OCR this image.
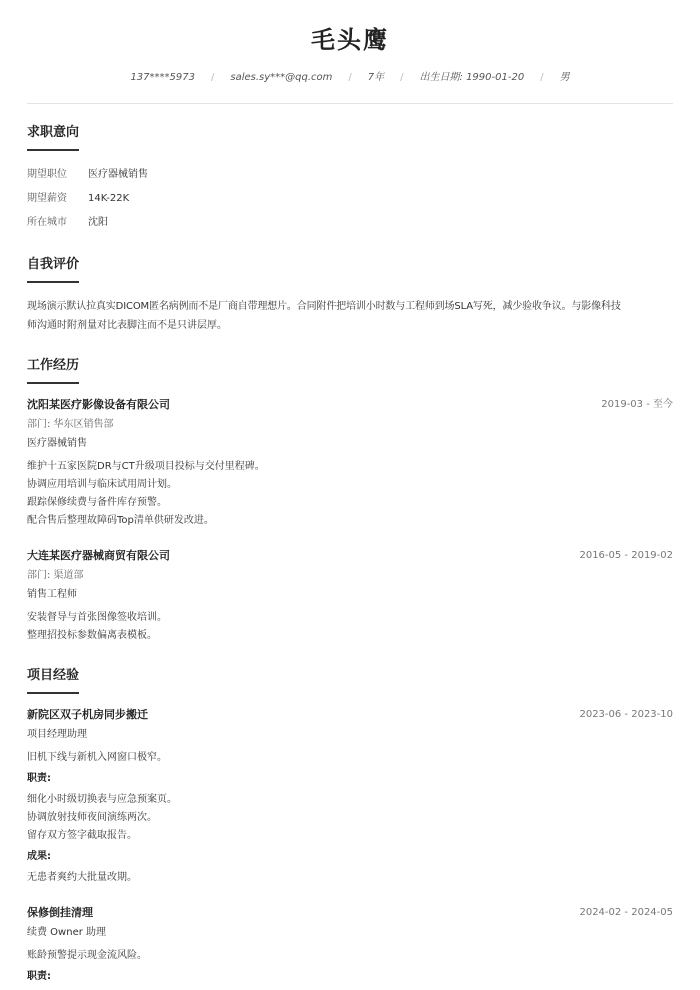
毛头鹰
137****5973 / sales.sy***@qq.com / 7年 / 出生日期: 1990-01-20 / 男
求职意向
期望职位 医疗器械销售
期望薪资 14K-22K
所在城市 沈阳
自我评价
现场演示默认拉真实DICOM匿名病例而不是厂商自带理想片。合同附件把培训小时数与工程师到场SLA写死，减少验收争议。与影像科技
师沟通时附剂量对比表脚注而不是只讲层厚。
工作经历
沈阳某医疗影像设备有限公司	2019-03 - 至今
部门: 华东区销售部
医疗器械销售
维护十五家医院DR与CT升级项目投标与交付里程碑。
协调应用培训与临床试用周计划。
跟踪保修续费与备件库存预警。
配合售后整理故障码Top清单供研发改进。
大连某医疗器械商贸有限公司	2016-05 - 2019-02
部门: 渠道部
销售工程师
安装督导与首张图像签收培训。
整理招投标参数偏离表模板。
项目经验
新院区双子机房同步搬迁	2023-06 - 2023-10
项目经理助理
旧机下线与新机入网窗口极窄。
职责:
细化小时级切换表与应急预案页。
协调放射技师夜间演练两次。
留存双方签字截取报告。
成果:
无患者爽约大批量改期。
保修倒挂清理	2024-02 - 2024-05
续费 Owner 助理
账龄预警提示现金流风险。
职责:
